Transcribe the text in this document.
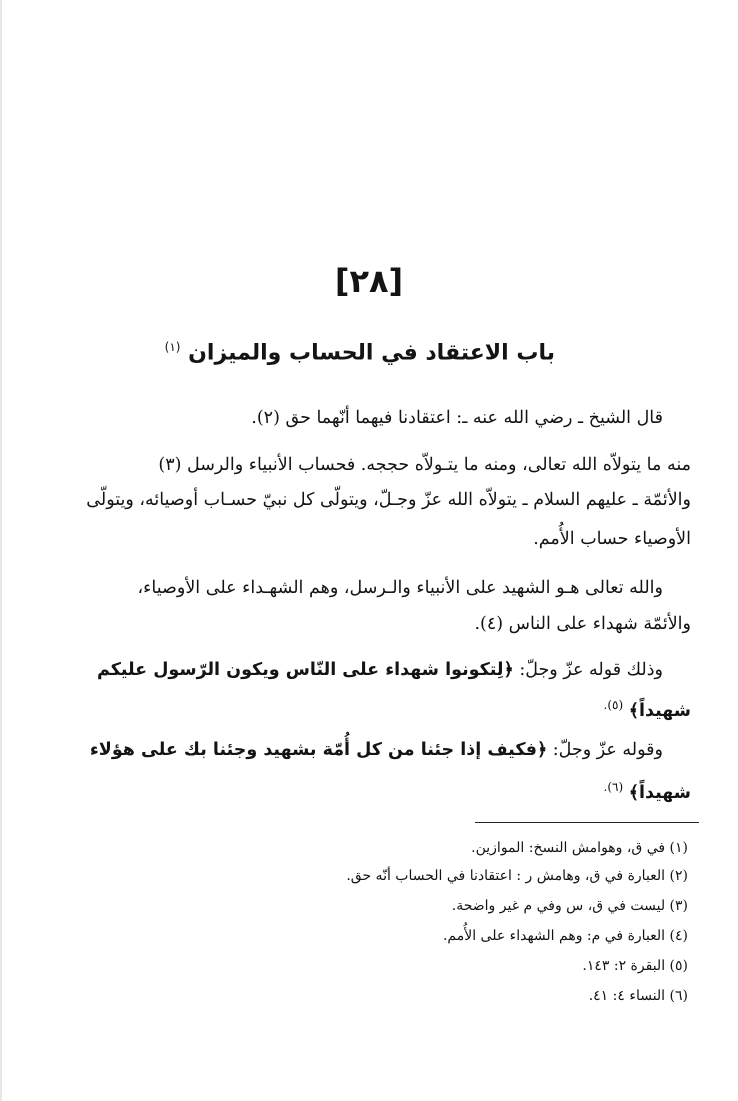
[٢٨]
باب الاعتقاد في الحساب والميزان $^{(١)}$
قال الشيخ ـ رضي الله عنه ـ: اعتقادنا فيهما أنّهما حق (٢).
منه ما يتولاّه الله تعالى، ومنه ما يتـولاّه حججه. فحساب الأنبياء والرسل (٣)
والأئمّة ـ عليهم السلام ـ يتولاّه الله عزّ وجـلّ، ويتولّى كل نبيّ حسـاب أوصيائه، ويتولّى
الأوصياء حساب الأُمم.
والله تعالى هـو الشهيد على الأنبياء والـرسل، وهم الشهـداء على الأوصياء،
والأئمّة شهداء على الناس (٤).
وذلك قوله عزّ وجلّ: ﴿لِتكونوا شهداء على النّاس ويكون الرّسول عليكم
شهيداً﴾ $^{(٥).}$
وقوله عزّ وجلّ: ﴿فكيف إذا جئنا من كل أُمّة بشهيد وجئنا بك على هؤلاء
شهيداً﴾ $^{(٦).}$
(١) في ق، وهوامش النسخ: الموازين.
(٢) العبارة في ق، وهامش ر : اعتقادنا في الحساب أنّه حق.
(٣) ليست في ق، س وفي م غير واضحة.
(٤) العبارة في م: وهم الشهداء على الأُمم.
(٥) البقرة ٢: ١٤٣.
(٦) النساء ٤: ٤١.
